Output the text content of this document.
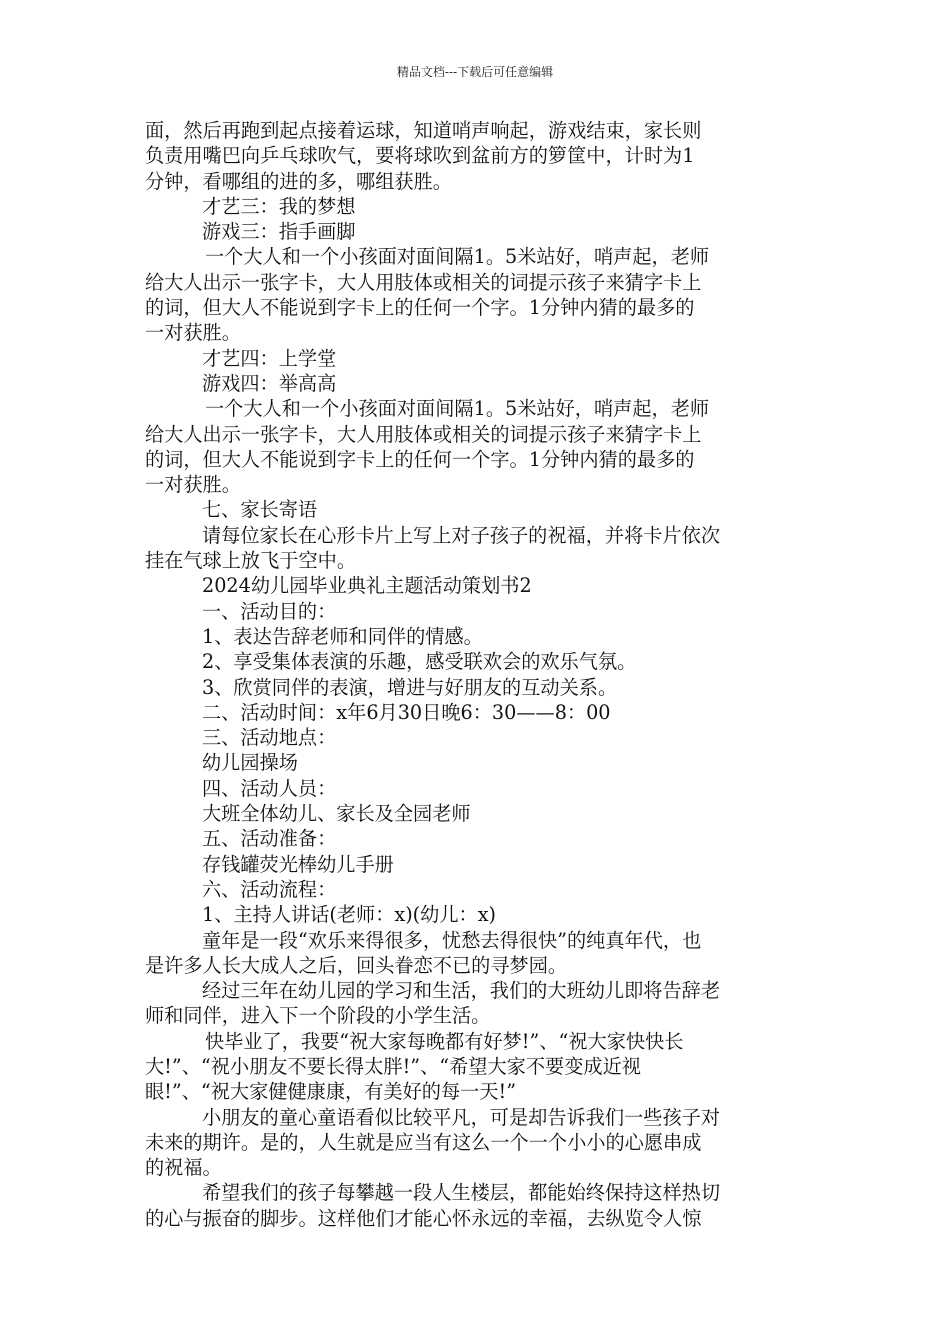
精品文档---下载后可任意编辑
面，然后再跑到起点接着运球，知道哨声响起，游戏结束，家长则
负责用嘴巴向乒乓球吹气，要将球吹到盆前方的箩筐中，计时为1
分钟，看哪组的进的多，哪组获胜。
才艺三：我的梦想
游戏三：指手画脚
一个大人和一个小孩面对面间隔1。5米站好，哨声起，老师
给大人出示一张字卡，大人用肢体或相关的词提示孩子来猜字卡上
的词，但大人不能说到字卡上的任何一个字。1分钟内猜的最多的
一对获胜。
才艺四：上学堂
游戏四：举高高
一个大人和一个小孩面对面间隔1。5米站好，哨声起，老师
给大人出示一张字卡，大人用肢体或相关的词提示孩子来猜字卡上
的词，但大人不能说到字卡上的任何一个字。1分钟内猜的最多的
一对获胜。
七、家长寄语
请每位家长在心形卡片上写上对子孩子的祝福，并将卡片依次
挂在气球上放飞于空中。
2024幼儿园毕业典礼主题活动策划书2
一、活动目的：
1、表达告辞老师和同伴的情感。
2、享受集体表演的乐趣，感受联欢会的欢乐气氛。
3、欣赏同伴的表演，增进与好朋友的互动关系。
二、活动时间：x年6月30日晚6：30——8：00
三、活动地点：
幼儿园操场
四、活动人员：
大班全体幼儿、家长及全园老师
五、活动准备：
存钱罐荧光棒幼儿手册
六、活动流程：
1、主持人讲话(老师：x)(幼儿：x)
童年是一段“欢乐来得很多，忧愁去得很快”的纯真年代，也
是许多人长大成人之后，回头眷恋不已的寻梦园。
经过三年在幼儿园的学习和生活，我们的大班幼儿即将告辞老
师和同伴，进入下一个阶段的小学生活。
快毕业了，我要“祝大家每晚都有好梦!”、“祝大家快快长
大!”、“祝小朋友不要长得太胖!”、“希望大家不要变成近视
眼!”、“祝大家健健康康，有美好的每一天!”
小朋友的童心童语看似比较平凡，可是却告诉我们一些孩子对
未来的期许。是的，人生就是应当有这么一个一个小小的心愿串成
的祝福。
希望我们的孩子每攀越一段人生楼层，都能始终保持这样热切
的心与振奋的脚步。这样他们才能心怀永远的幸福，去纵览令人惊
